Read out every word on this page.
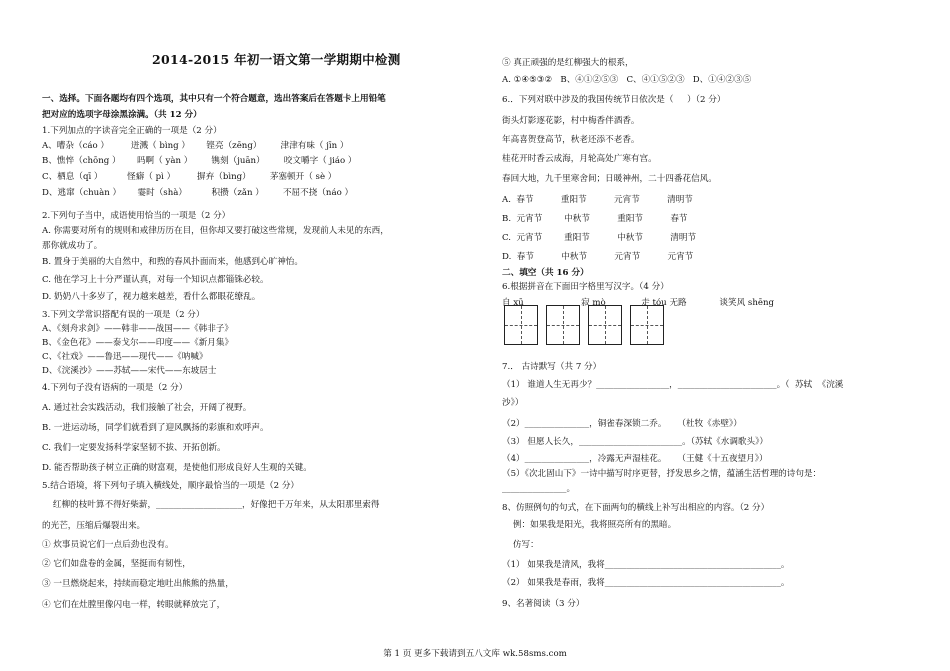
一、选择。下面各题均有四个选项，其中只有一个符合题意，选出答案后在答题卡上用铅笔
把对应的选项字母涂黑涂满。（共 12 分）
1.下列加点的字读音完全正确的一项是（2 分）
A、嘈杂（cáo ）        迸溅（ bìng ）      铿亮（zēng）       津津有味（ jīn ）
B、憔悴（chōng ）      吗啊（ yàn ）       镌刻（juān）       咬文嚼字（ jiáo ）
C、栖息（qī ）         怪癖（ pì ）        摒弃（bìng）       茅塞顿开（ sè ）
D、逃窜（chuàn ）      霎时（shà）         积攒（zǎn ）       不屈不挠（náo ）
2.下列句子当中，成语使用恰当的一项是（2 分）
A. 你需要对所有的规则和戒律历历在目，但你却又要打破这些常规，发现前人未见的东西，
那你就成功了。
B. 置身于美丽的大自然中，和煦的春风扑面而来，他感到心旷神怡。
C. 他在学习上十分严谨认真，对每一个知识点都锱铢必较。
D. 奶奶八十多岁了，视力越来越差，看什么都眼花缭乱。
3.下列文学常识搭配有误的一项是（2 分）
A、《刻舟求剑》——韩非——战国——《韩非子》
B、《金色花》——泰戈尔——印度——《新月集》
C、《社戏》——鲁迅——现代——《呐喊》
D、《浣溪沙》——苏轼——宋代——东坡居士
4.下列句子没有语病的一项是（2 分）
A. 通过社会实践活动，我们接触了社会，开阔了视野。
B. 一进运动场，同学们就看到了迎风飘扬的彩旗和欢呼声。
C. 我们一定要发扬科学家坚韧不拔、开拓创新。
D. 能否帮助孩子树立正确的财富观，是使他们形成良好人生观的关键。
5.结合语境，将下列句子填入横线处，顺序最恰当的一项是（2 分）
红柳的枝叶算不得好柴薪，____________________，好像把千万年来，从太阳那里索得
的光芒，压缩后爆裂出来。
① 炊事员说它们一点后劲也没有。
② 它们如盘卷的金属，坚挺而有韧性，
③ 一旦燃烧起来，持续而稳定地吐出熊熊的热量，
④ 它们在灶膛里像闪电一样，转眼就释放完了，
⑤ 真正顽强的是红柳强大的根系，
A. ①④⑤③②   B、④①②⑤③   C、④①⑤②③   D、①④②③⑤
6.．下列对联中涉及的我国传统节日依次是（     ）（2 分）
街头灯影逐花影，村中梅香伴酒香。
年高喜贺登高节，秋老还添不老香。
桂花开时香云成海，月轮高处广寒有宫。
春回大地，九千里寒舍间；日暖神州，二十四番花信风。
A.  春节          重阳节          元宵节          清明节
B.  元宵节        中秋节          重阳节          春节
C.  元宵节        重阳节          中秋节          清明节
D.  春节          中秋节          元宵节          元宵节
二、填空（共 16 分）
6.根据拼音在下面田字格里写汉字。（4 分）
自 xū                     寂 mò             走 tóu 无路            谈笑风 shēng
7.． 古诗默写（共 7 分）
（1） 谁道人生无再少？_________________，_______________________。（  苏轼  《浣溪
沙》）
（2）_______________，铜雀春深锁二乔。    （杜牧《赤壁》）
（3） 但愿人长久，________________________。（苏轼《水调歌头》）
（4）_______________，冷露无声湿桂花。    （王健《十五夜望月》）
（5）《次北固山下》一诗中描写时序更替，抒发思乡之情，蕴涵生活哲理的诗句是：
_______________。
8、仿照例句的句式，在下面两句的横线上补写出相应的内容。（2 分）
例：如果我是阳光，我将照亮所有的黑暗。
仿写：
（1） 如果我是清风，我将_________________________________________。
（2） 如果我是春雨，我将_________________________________________。
9、名著阅读（3 分）
2014-2015 年初一语文第一学期期中检测
第 1 页 更多下载请到五八文库 wk.58sms.com
